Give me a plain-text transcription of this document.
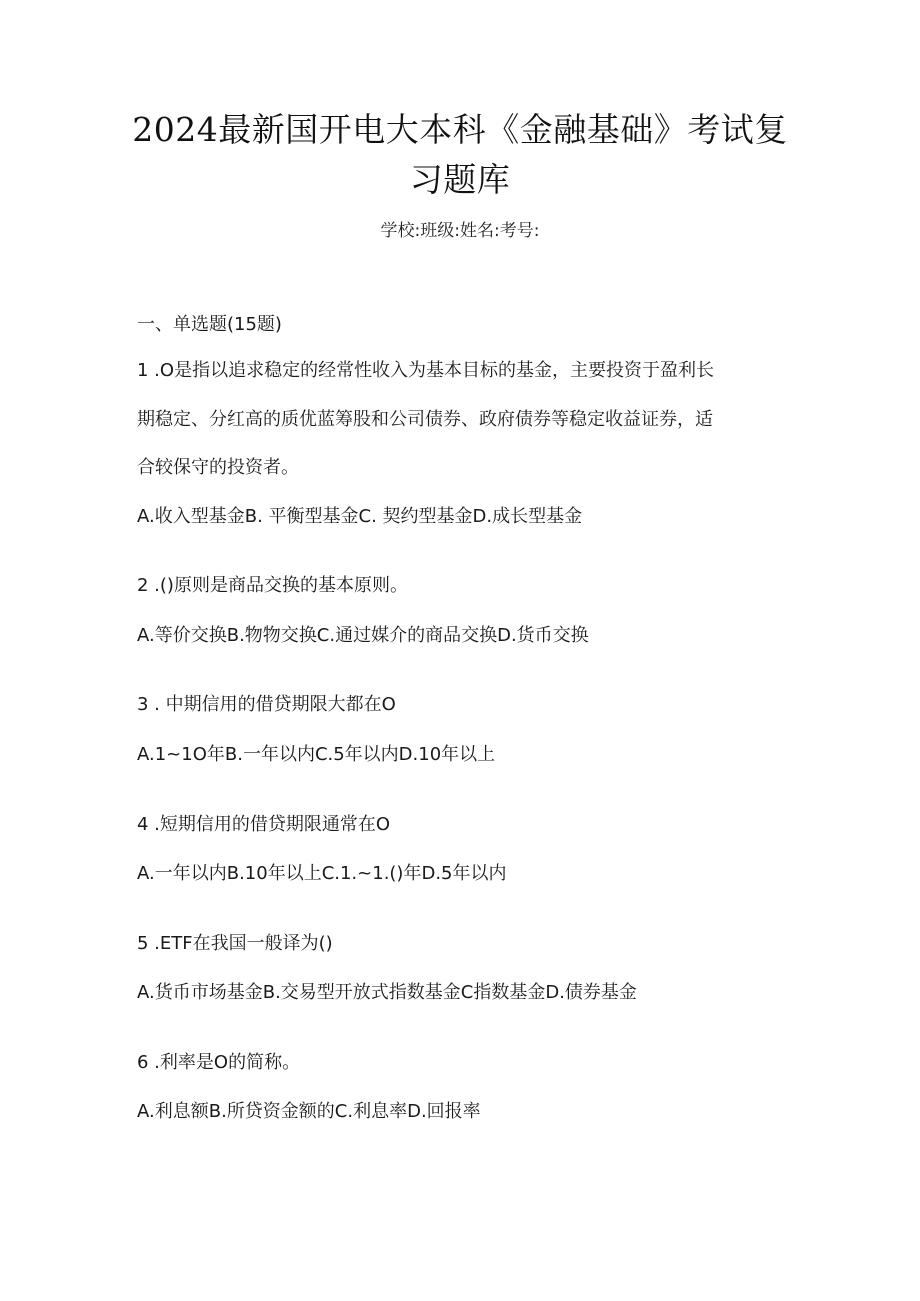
2024最新国开电大本科《金融基础》考试复
习题库
学校:班级:姓名:考号:
一、单选题(15题)
1 .O是指以追求稳定的经常性收入为基本目标的基金，主要投资于盈利长
期稳定、分红高的质优蓝筹股和公司债券、政府债券等稳定收益证券，适
合较保守的投资者。
A.收入型基金B. 平衡型基金C. 契约型基金D.成长型基金
2 .()原则是商品交换的基本原则。
A.等价交换B.物物交换C.通过媒介的商品交换D.货币交换
3 . 中期信用的借贷期限大都在O
A.1~1O年B.一年以内C.5年以内D.10年以上
4 .短期信用的借贷期限通常在O
A.一年以内B.10年以上C.1.~1.()年D.5年以内
5 .ETF在我国一般译为()
A.货币市场基金B.交易型开放式指数基金C指数基金D.债券基金
6 .利率是O的简称。
A.利息额B.所贷资金额的C.利息率D.回报率
